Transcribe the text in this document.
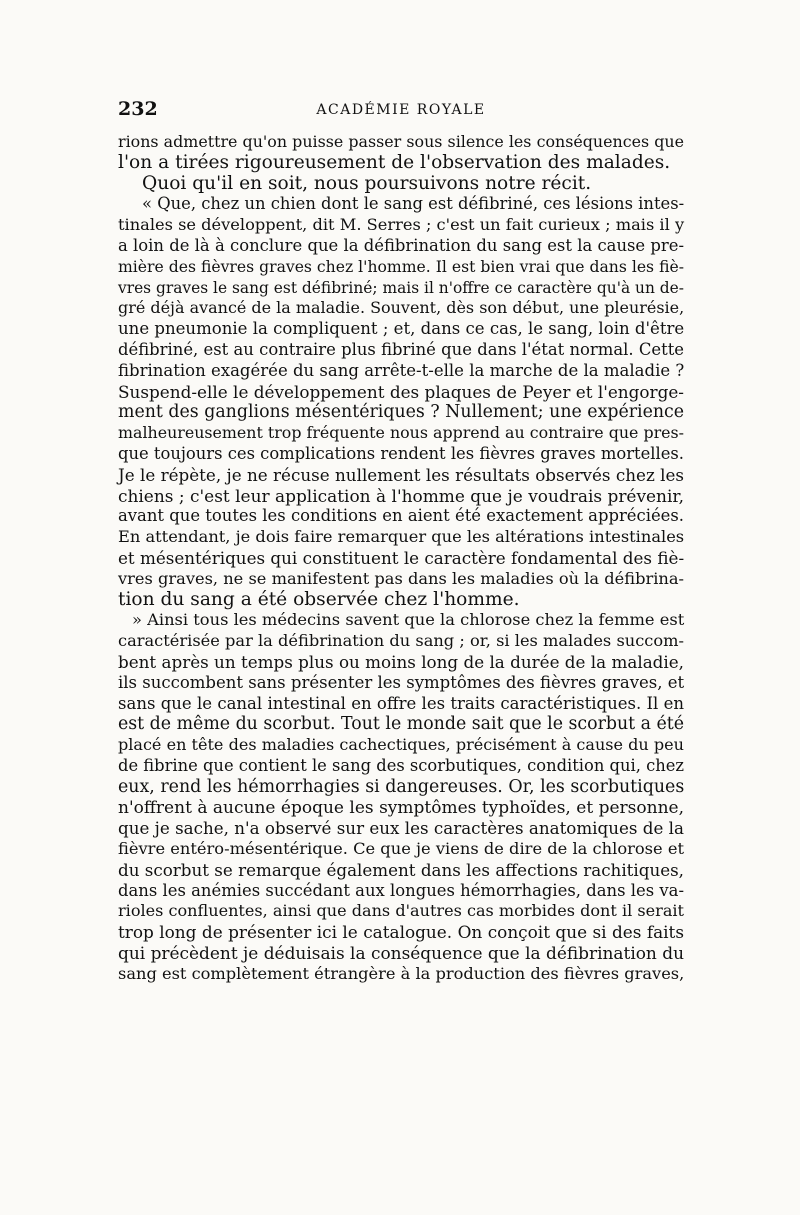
232	ACADÉMIE ROYALE

rions admettre qu'on puisse passer sous silence les conséquences que
l'on a tirées rigoureusement de l'observation des malades.

Quoi qu'il en soit, nous poursuivons notre récit.

« Que, chez un chien dont le sang est défibriné, ces lésions intes-
tinales se développent, dit M. Serres ; c'est un fait curieux ; mais il y
a loin de là à conclure que la défibrination du sang est la cause pre-
mière des fièvres graves chez l'homme. Il est bien vrai que dans les fiè-
vres graves le sang est défibriné; mais il n'offre ce caractère qu'à un de-
gré déjà avancé de la maladie. Souvent, dès son début, une pleurésie,
une pneumonie la compliquent ; et, dans ce cas, le sang, loin d'être
défibriné, est au contraire plus fibriné que dans l'état normal. Cette
fibrination exagérée du sang arrête-t-elle la marche de la maladie ?
Suspend-elle le développement des plaques de Peyer et l'engorge-
ment des ganglions mésentériques ? Nullement; une expérience
malheureusement trop fréquente nous apprend au contraire que pres-
que toujours ces complications rendent les fièvres graves mortelles.
Je le répète, je ne récuse nullement les résultats observés chez les
chiens ; c'est leur application à l'homme que je voudrais prévenir,
avant que toutes les conditions en aient été exactement appréciées.
En attendant, je dois faire remarquer que les altérations intestinales
et mésentériques qui constituent le caractère fondamental des fiè-
vres graves, ne se manifestent pas dans les maladies où la défibrina-
tion du sang a été observée chez l'homme.

» Ainsi tous les médecins savent que la chlorose chez la femme est
caractérisée par la défibrination du sang ; or, si les malades succom-
bent après un temps plus ou moins long de la durée de la maladie,
ils succombent sans présenter les symptômes des fièvres graves, et
sans que le canal intestinal en offre les traits caractéristiques. Il en
est de même du scorbut. Tout le monde sait que le scorbut a été
placé en tête des maladies cachectiques, précisément à cause du peu
de fibrine que contient le sang des scorbutiques, condition qui, chez
eux, rend les hémorrhagies si dangereuses. Or, les scorbutiques
n'offrent à aucune époque les symptômes typhoïdes, et personne,
que je sache, n'a observé sur eux les caractères anatomiques de la
fièvre entéro-mésentérique. Ce que je viens de dire de la chlorose et
du scorbut se remarque également dans les affections rachitiques,
dans les anémies succédant aux longues hémorrhagies, dans les va-
rioles confluentes, ainsi que dans d'autres cas morbides dont il serait
trop long de présenter ici le catalogue. On conçoit que si des faits
qui précèdent je déduisais la conséquence que la défibrination du
sang est complètement étrangère à la production des fièvres graves,
